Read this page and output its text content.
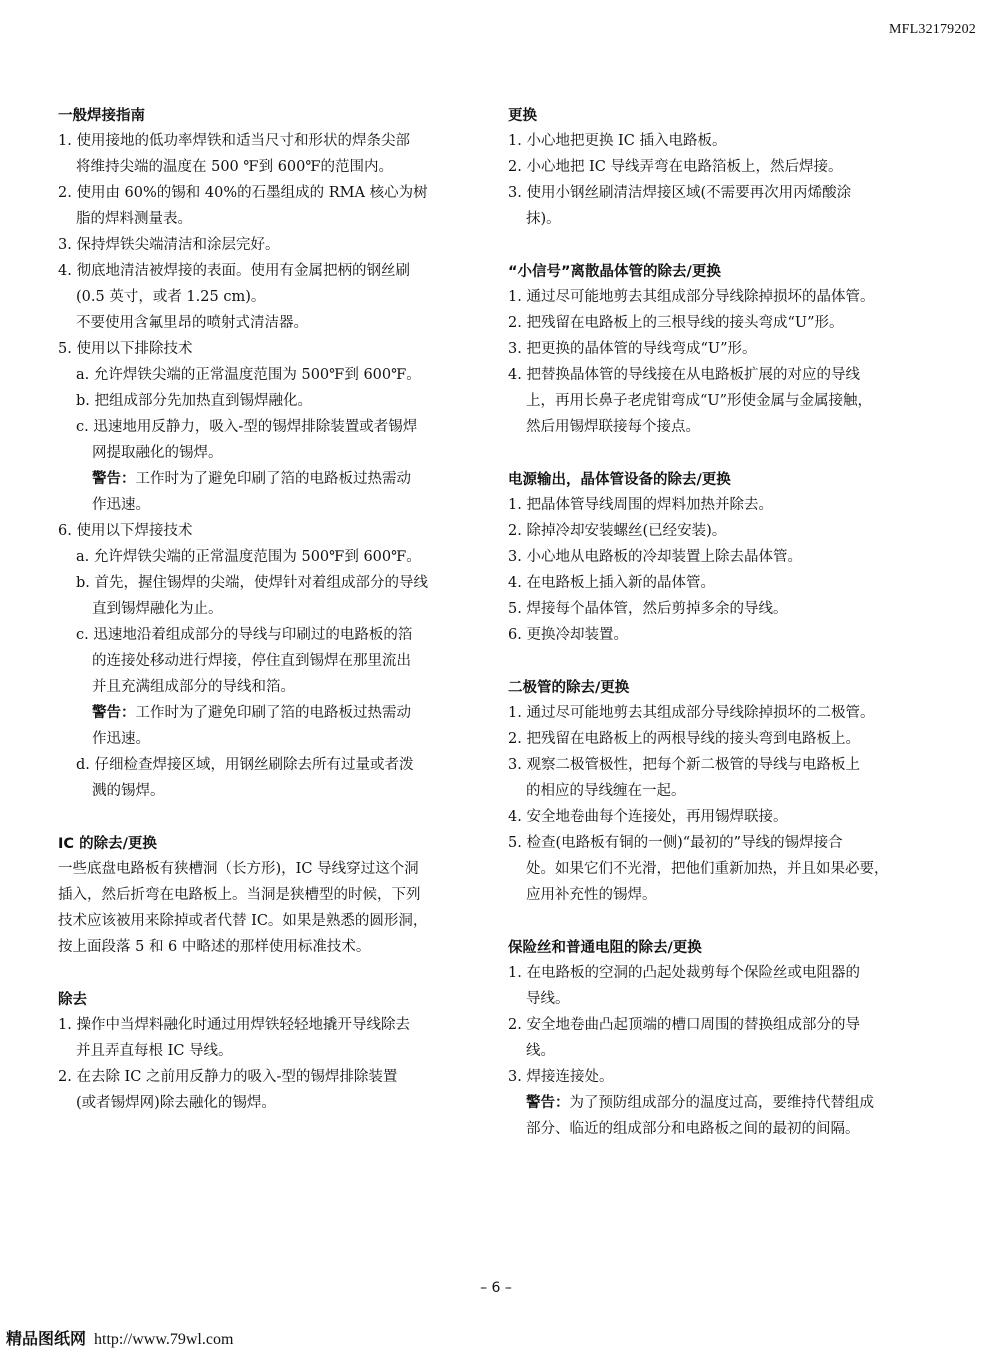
MFL32179202
一般焊接指南
1. 使用接地的低功率焊铁和适当尺寸和形状的焊条尖部
将维持尖端的温度在 500 ℉到 600℉的范围内。
2. 使用由 60%的锡和 40%的石墨组成的 RMA 核心为树
脂的焊料测量表。
3. 保持焊铁尖端清洁和涂层完好。
4. 彻底地清洁被焊接的表面。使用有金属把柄的钢丝刷
(0.5 英寸，或者 1.25 cm)。
不要使用含氟里昂的喷射式清洁器。
5. 使用以下排除技术
a. 允许焊铁尖端的正常温度范围为 500℉到 600℉。
b. 把组成部分先加热直到锡焊融化。
c. 迅速地用反静力，吸入-型的锡焊排除装置或者锡焊
网提取融化的锡焊。
警告：工作时为了避免印刷了箔的电路板过热需动
作迅速。
6. 使用以下焊接技术
a. 允许焊铁尖端的正常温度范围为 500℉到 600℉。
b. 首先，握住锡焊的尖端，使焊针对着组成部分的导线
直到锡焊融化为止。
c. 迅速地沿着组成部分的导线与印刷过的电路板的箔
的连接处移动进行焊接，停住直到锡焊在那里流出
并且充满组成部分的导线和箔。
警告：工作时为了避免印刷了箔的电路板过热需动
作迅速。
d. 仔细检查焊接区域，用钢丝刷除去所有过量或者泼
溅的锡焊。
IC 的除去/更换
一些底盘电路板有狭槽洞（长方形)，IC 导线穿过这个洞
插入，然后折弯在电路板上。当洞是狭槽型的时候，下列
技术应该被用来除掉或者代替 IC。如果是熟悉的圆形洞，
按上面段落 5 和 6 中略述的那样使用标准技术。
除去
1. 操作中当焊料融化时通过用焊铁轻轻地撬开导线除去
并且弄直每根 IC 导线。
2. 在去除 IC 之前用反静力的吸入-型的锡焊排除装置
(或者锡焊网)除去融化的锡焊。
更换
1. 小心地把更换 IC 插入电路板。
2. 小心地把 IC 导线弄弯在电路箔板上，然后焊接。
3. 使用小钢丝刷清洁焊接区域(不需要再次用丙烯酸涂
抹)。
“小信号”离散晶体管的除去/更换
1. 通过尽可能地剪去其组成部分导线除掉损坏的晶体管。
2. 把残留在电路板上的三根导线的接头弯成“U”形。
3. 把更换的晶体管的导线弯成“U”形。
4. 把替换晶体管的导线接在从电路板扩展的对应的导线
上，再用长鼻子老虎钳弯成“U”形使金属与金属接触，
然后用锡焊联接每个接点。
电源输出，晶体管设备的除去/更换
1. 把晶体管导线周围的焊料加热并除去。
2. 除掉冷却安装螺丝(已经安装)。
3. 小心地从电路板的冷却装置上除去晶体管。
4. 在电路板上插入新的晶体管。
5. 焊接每个晶体管，然后剪掉多余的导线。
6. 更换冷却装置。
二极管的除去/更换
1. 通过尽可能地剪去其组成部分导线除掉损坏的二极管。
2. 把残留在电路板上的两根导线的接头弯到电路板上。
3. 观察二极管极性，把每个新二极管的导线与电路板上
的相应的导线缠在一起。
4. 安全地卷曲每个连接处，再用锡焊联接。
5. 检查(电路板有铜的一侧)“最初的”导线的锡焊接合
处。如果它们不光滑，把他们重新加热，并且如果必要，
应用补充性的锡焊。
保险丝和普通电阻的除去/更换
1. 在电路板的空洞的凸起处裁剪每个保险丝或电阻器的
导线。
2. 安全地卷曲凸起顶端的槽口周围的替换组成部分的导
线。
3. 焊接连接处。
警告：为了预防组成部分的温度过高，要维持代替组成
部分、临近的组成部分和电路板之间的最初的间隔。
– 6 –
精品图纸网 http://www.79wl.com
